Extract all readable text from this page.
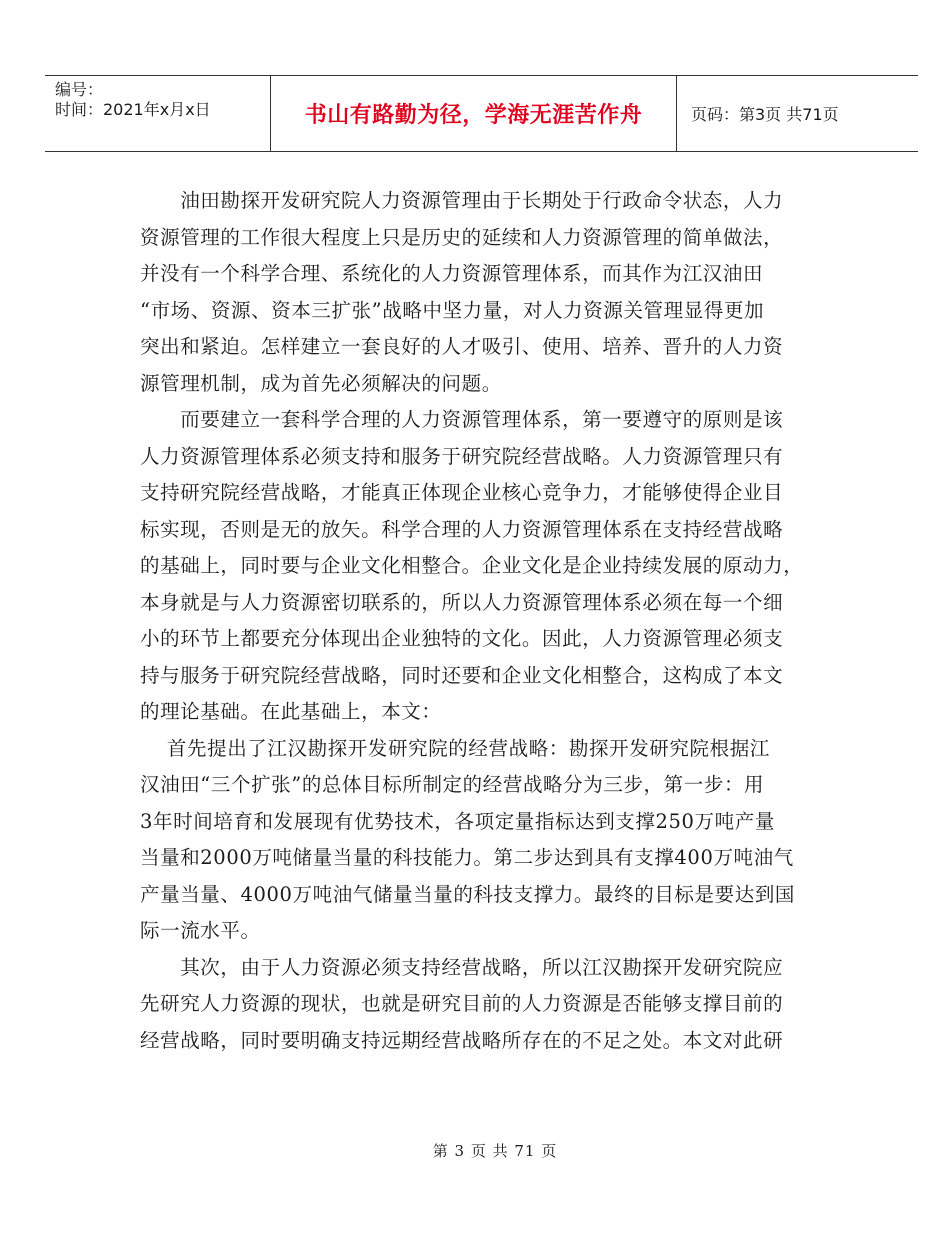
编号：
时间：2021年x月x日	书山有路勤为径，学海无涯苦作舟	页码：第3页 共71页
　　油田勘探开发研究院人力资源管理由于长期处于行政命令状态，人力
资源管理的工作很大程度上只是历史的延续和人力资源管理的简单做法，
并没有一个科学合理、系统化的人力资源管理体系，而其作为江汉油田
“市场、资源、资本三扩张”战略中坚力量，对人力资源关管理显得更加
突出和紧迫。怎样建立一套良好的人才吸引、使用、培养、晋升的人力资
源管理机制，成为首先必须解决的问题。
　　而要建立一套科学合理的人力资源管理体系，第一要遵守的原则是该
人力资源管理体系必须支持和服务于研究院经营战略。人力资源管理只有
支持研究院经营战略，才能真正体现企业核心竞争力，才能够使得企业目
标实现，否则是无的放矢。科学合理的人力资源管理体系在支持经营战略
的基础上，同时要与企业文化相整合。企业文化是企业持续发展的原动力，
本身就是与人力资源密切联系的，所以人力资源管理体系必须在每一个细
小的环节上都要充分体现出企业独特的文化。因此，人力资源管理必须支
持与服务于研究院经营战略，同时还要和企业文化相整合，这构成了本文
的理论基础。在此基础上，本文：
　 首先提出了江汉勘探开发研究院的经营战略：勘探开发研究院根据江
汉油田“三个扩张”的总体目标所制定的经营战略分为三步，第一步：用
3年时间培育和发展现有优势技术，各项定量指标达到支撑250万吨产量
当量和2000万吨储量当量的科技能力。第二步达到具有支撑400万吨油气
产量当量、4000万吨油气储量当量的科技支撑力。最终的目标是要达到国
际一流水平。
　　其次，由于人力资源必须支持经营战略，所以江汉勘探开发研究院应
先研究人力资源的现状，也就是研究目前的人力资源是否能够支撑目前的
经营战略，同时要明确支持远期经营战略所存在的不足之处。本文对此研
第 3 页 共 71 页
